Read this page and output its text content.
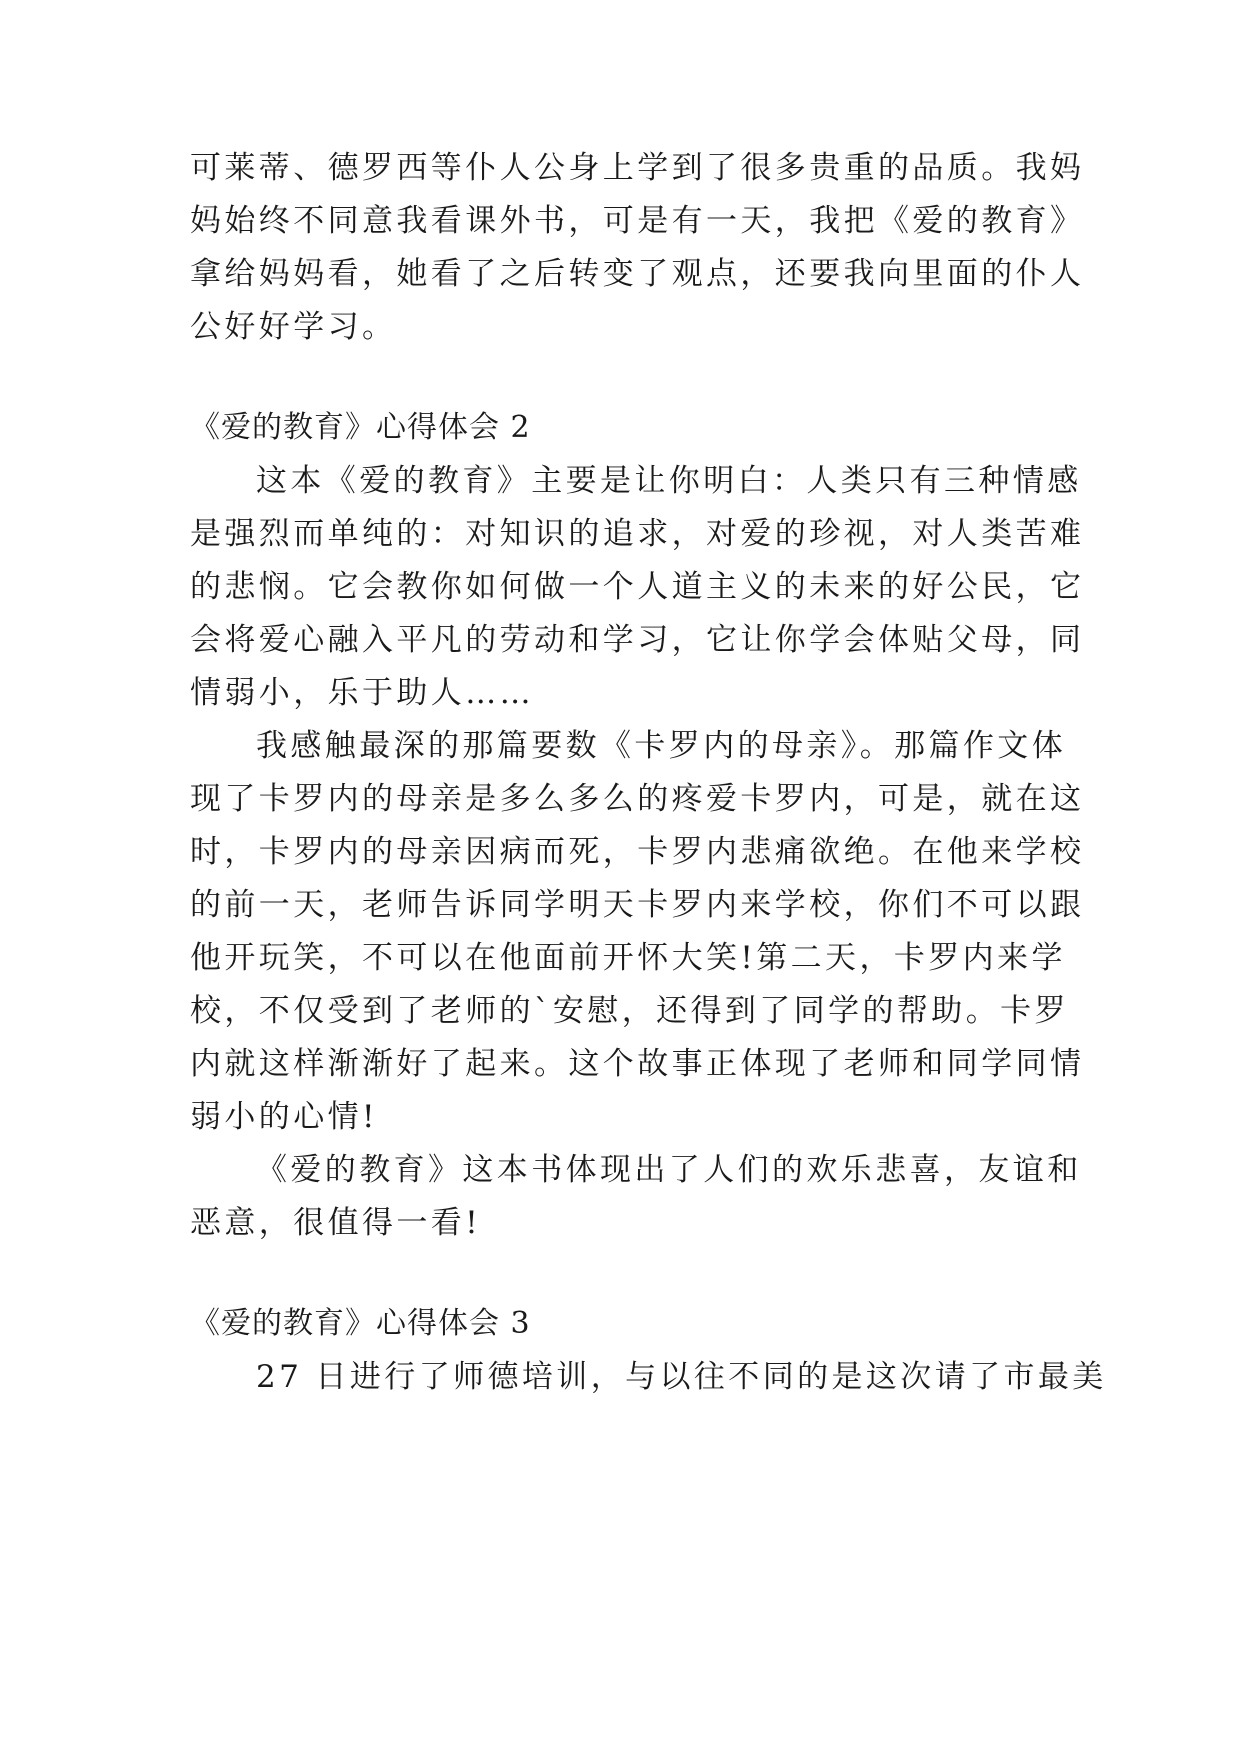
可莱蒂、德罗西等仆人公身上学到了很多贵重的品质。我妈
妈始终不同意我看课外书，可是有一天，我把《爱的教育》
拿给妈妈看，她看了之后转变了观点，还要我向里面的仆人
公好好学习。
《爱的教育》心得体会 2
这本《爱的教育》主要是让你明白：人类只有三种情感
是强烈而单纯的：对知识的追求，对爱的珍视，对人类苦难
的悲悯。它会教你如何做一个人道主义的未来的好公民，它
会将爱心融入平凡的劳动和学习，它让你学会体贴父母，同
情弱小，乐于助人……
我感触最深的那篇要数《卡罗内的母亲》。那篇作文体
现了卡罗内的母亲是多么多么的疼爱卡罗内，可是，就在这
时，卡罗内的母亲因病而死，卡罗内悲痛欲绝。在他来学校
的前一天，老师告诉同学明天卡罗内来学校，你们不可以跟
他开玩笑，不可以在他面前开怀大笑!第二天，卡罗内来学
校，不仅受到了老师的`安慰，还得到了同学的帮助。卡罗
内就这样渐渐好了起来。这个故事正体现了老师和同学同情
弱小的心情!
《爱的教育》这本书体现出了人们的欢乐悲喜，友谊和
恶意，很值得一看!
《爱的教育》心得体会 3
27 日进行了师德培训，与以往不同的是这次请了市最美
